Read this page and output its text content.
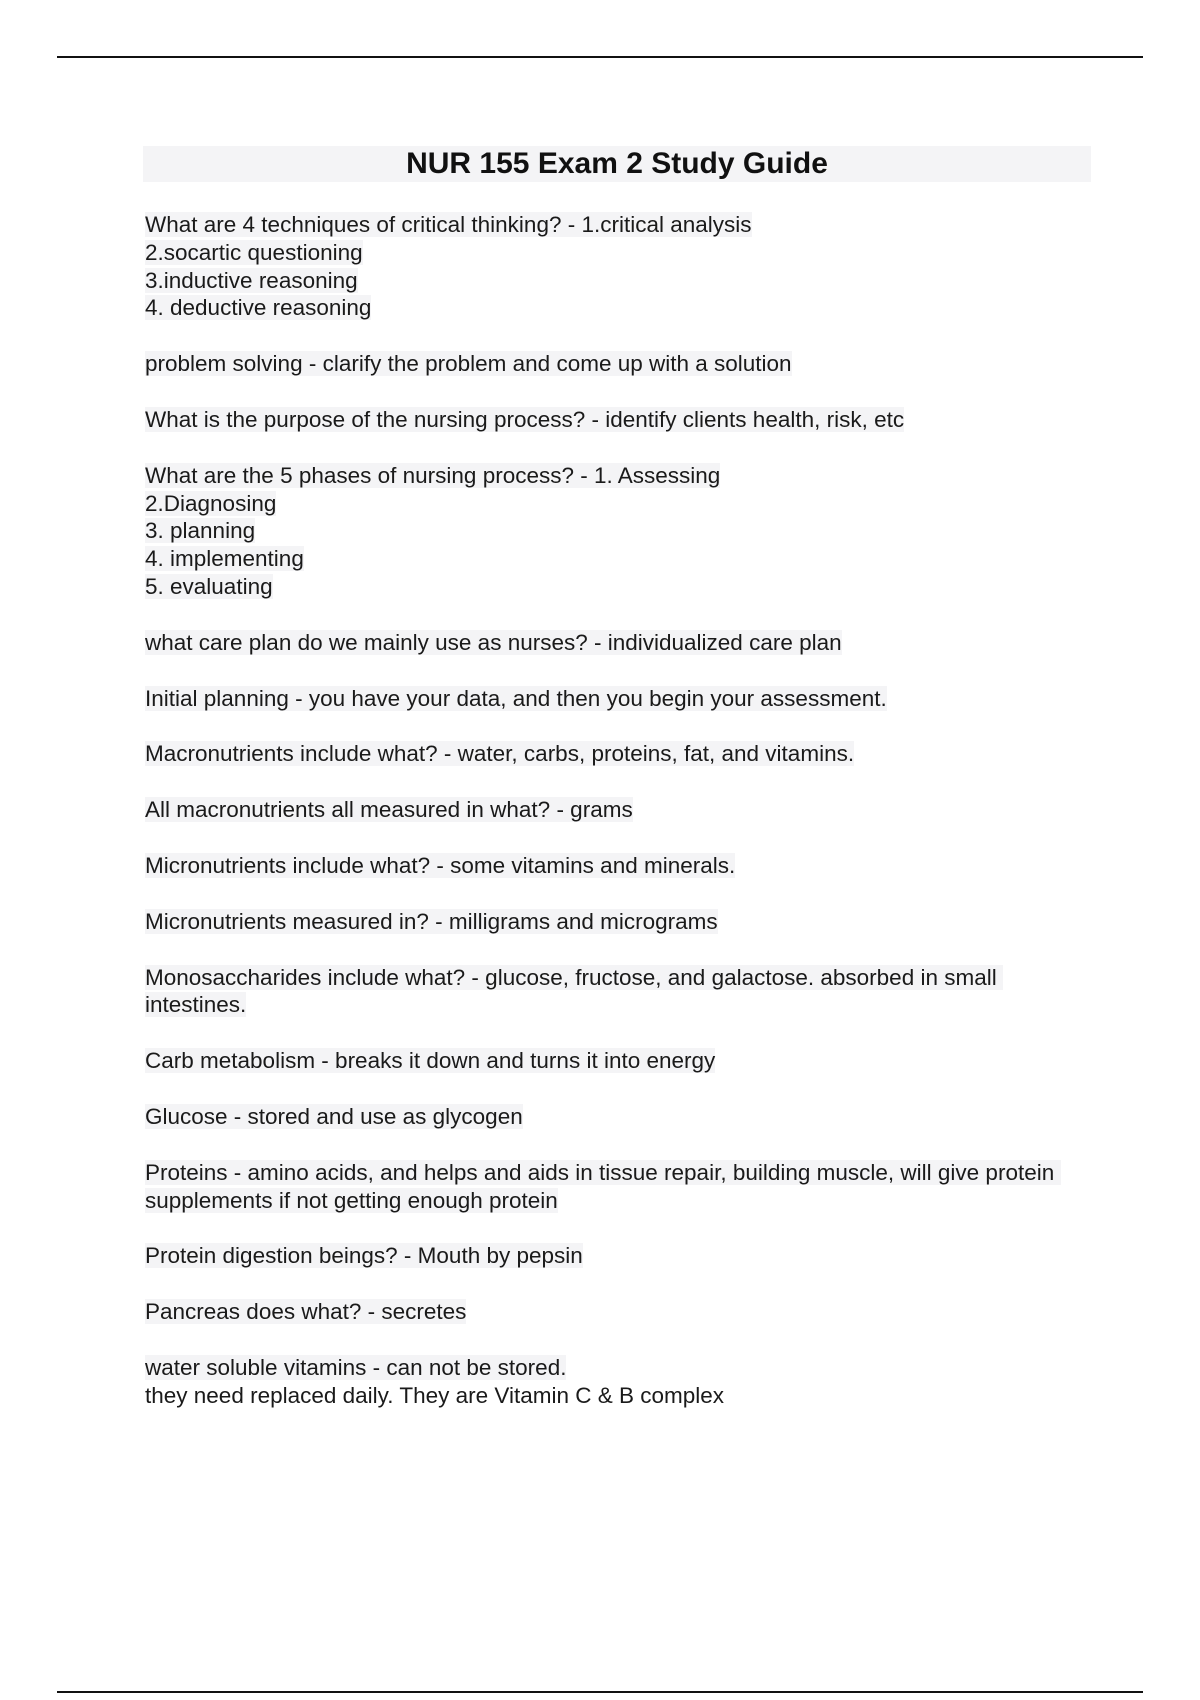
NUR 155 Exam 2 Study Guide
What are 4 techniques of critical thinking? - 1.critical analysis
2.socartic questioning
3.inductive reasoning
4. deductive reasoning
problem solving - clarify the problem and come up with a solution
What is the purpose of the nursing process? - identify clients health, risk, etc
What are the 5 phases of nursing process? - 1. Assessing
2.Diagnosing
3. planning
4. implementing
5. evaluating
what care plan do we mainly use as nurses? - individualized care plan
Initial planning - you have your data, and then you begin your assessment.
Macronutrients include what? - water, carbs, proteins, fat, and vitamins.
All macronutrients all measured in what? - grams
Micronutrients include what? - some vitamins and minerals.
Micronutrients measured in? - milligrams and micrograms
Monosaccharides include what? - glucose, fructose, and galactose. absorbed in small intestines.
Carb metabolism - breaks it down and turns it into energy
Glucose - stored and use as glycogen
Proteins - amino acids, and helps and aids in tissue repair, building muscle, will give protein supplements if not getting enough protein
Protein digestion beings? - Mouth by pepsin
Pancreas does what? - secretes
water soluble vitamins - can not be stored.
they need replaced daily. They are Vitamin C & B complex
